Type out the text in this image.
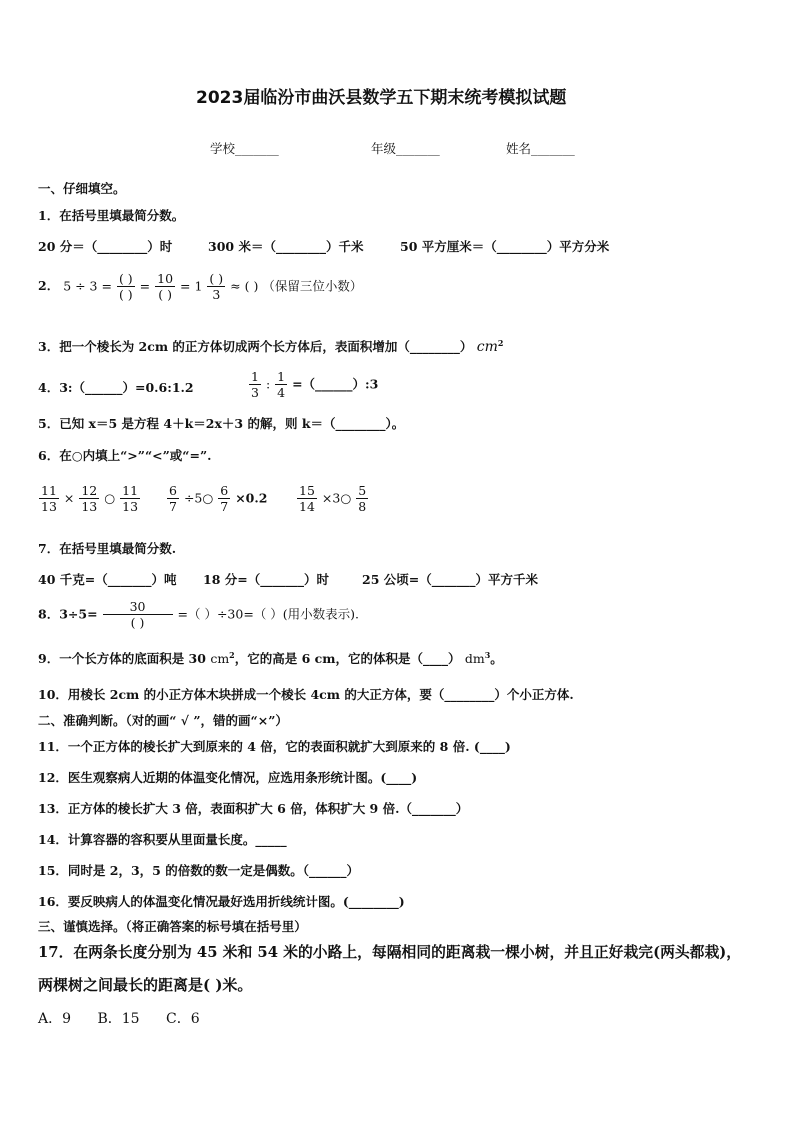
2023届临汾市曲沃县数学五下期末统考模拟试题
学校_______	年级_______	姓名_______
一、仔细填空。
1．在括号里填最简分数。
20 分＝（________）时	300 米＝（________）千米	50 平方厘米＝（________）平方分米
2． $5 \div 3 = \frac{( )}{( )} = \frac{10}{( )} = 1 \frac{( )}{3}$ ≈ ( ) （保留三位小数）
3．把一个棱长为 2cm 的正方体切成两个长方体后，表面积增加（________） $cm^2$
4．3:（______）=0.6:1.2	$\frac{1}{3}$ : $\frac{1}{4}$ =（______）:3
5．已知 x＝5 是方程 4＋k＝2x＋3 的解，则 k＝（________）。
6．在○内填上“>”“<”或“=”.
$\frac{11}{13} \times \frac{12}{13}$ ○ $\frac{11}{13} \frac{6}{7}$ ÷5○ $\frac{6}{7} \times 0.2 \frac{15}{14}$ ×3○ $\frac{5}{8}$
7．在括号里填最简分数.
40 千克=（_______）吨 18 分=（_______）时	25 公顷=（_______）平方千米
8．$3\div 5= \frac{30}{( )}$ =（ ）÷30=（ ）(用小数表示).
9．一个长方体的底面积是 30 $cm^2$，它的高是 6 cm，它的体积是（____） $dm^3$。
10．用棱长 2cm 的小正方体木块拼成一个棱长 4cm 的大正方体，要（________）个小正方体.
二、准确判断。（对的画“ √ ”，错的画“×”）
11．一个正方体的棱长扩大到原来的 4 倍，它的表面积就扩大到原来的 8 倍. (____)
12．医生观察病人近期的体温变化情况，应选用条形统计图。(____)
13．正方体的棱长扩大 3 倍，表面积扩大 6 倍，体积扩大 9 倍.（_______）
14．计算容器的容积要从里面量长度。_____
15．同时是 2，3，5 的倍数的数一定是偶数。（______）
16．要反映病人的体温变化情况最好选用折线统计图。(________)
三、谨慎选择。（将正确答案的标号填在括号里）
17．在两条长度分别为 45 米和 54 米的小路上，每隔相同的距离栽一棵小树，并且正好栽完(两头都栽)，
两棵树之间最长的距离是( )米。
A．9 B．15 C．6
